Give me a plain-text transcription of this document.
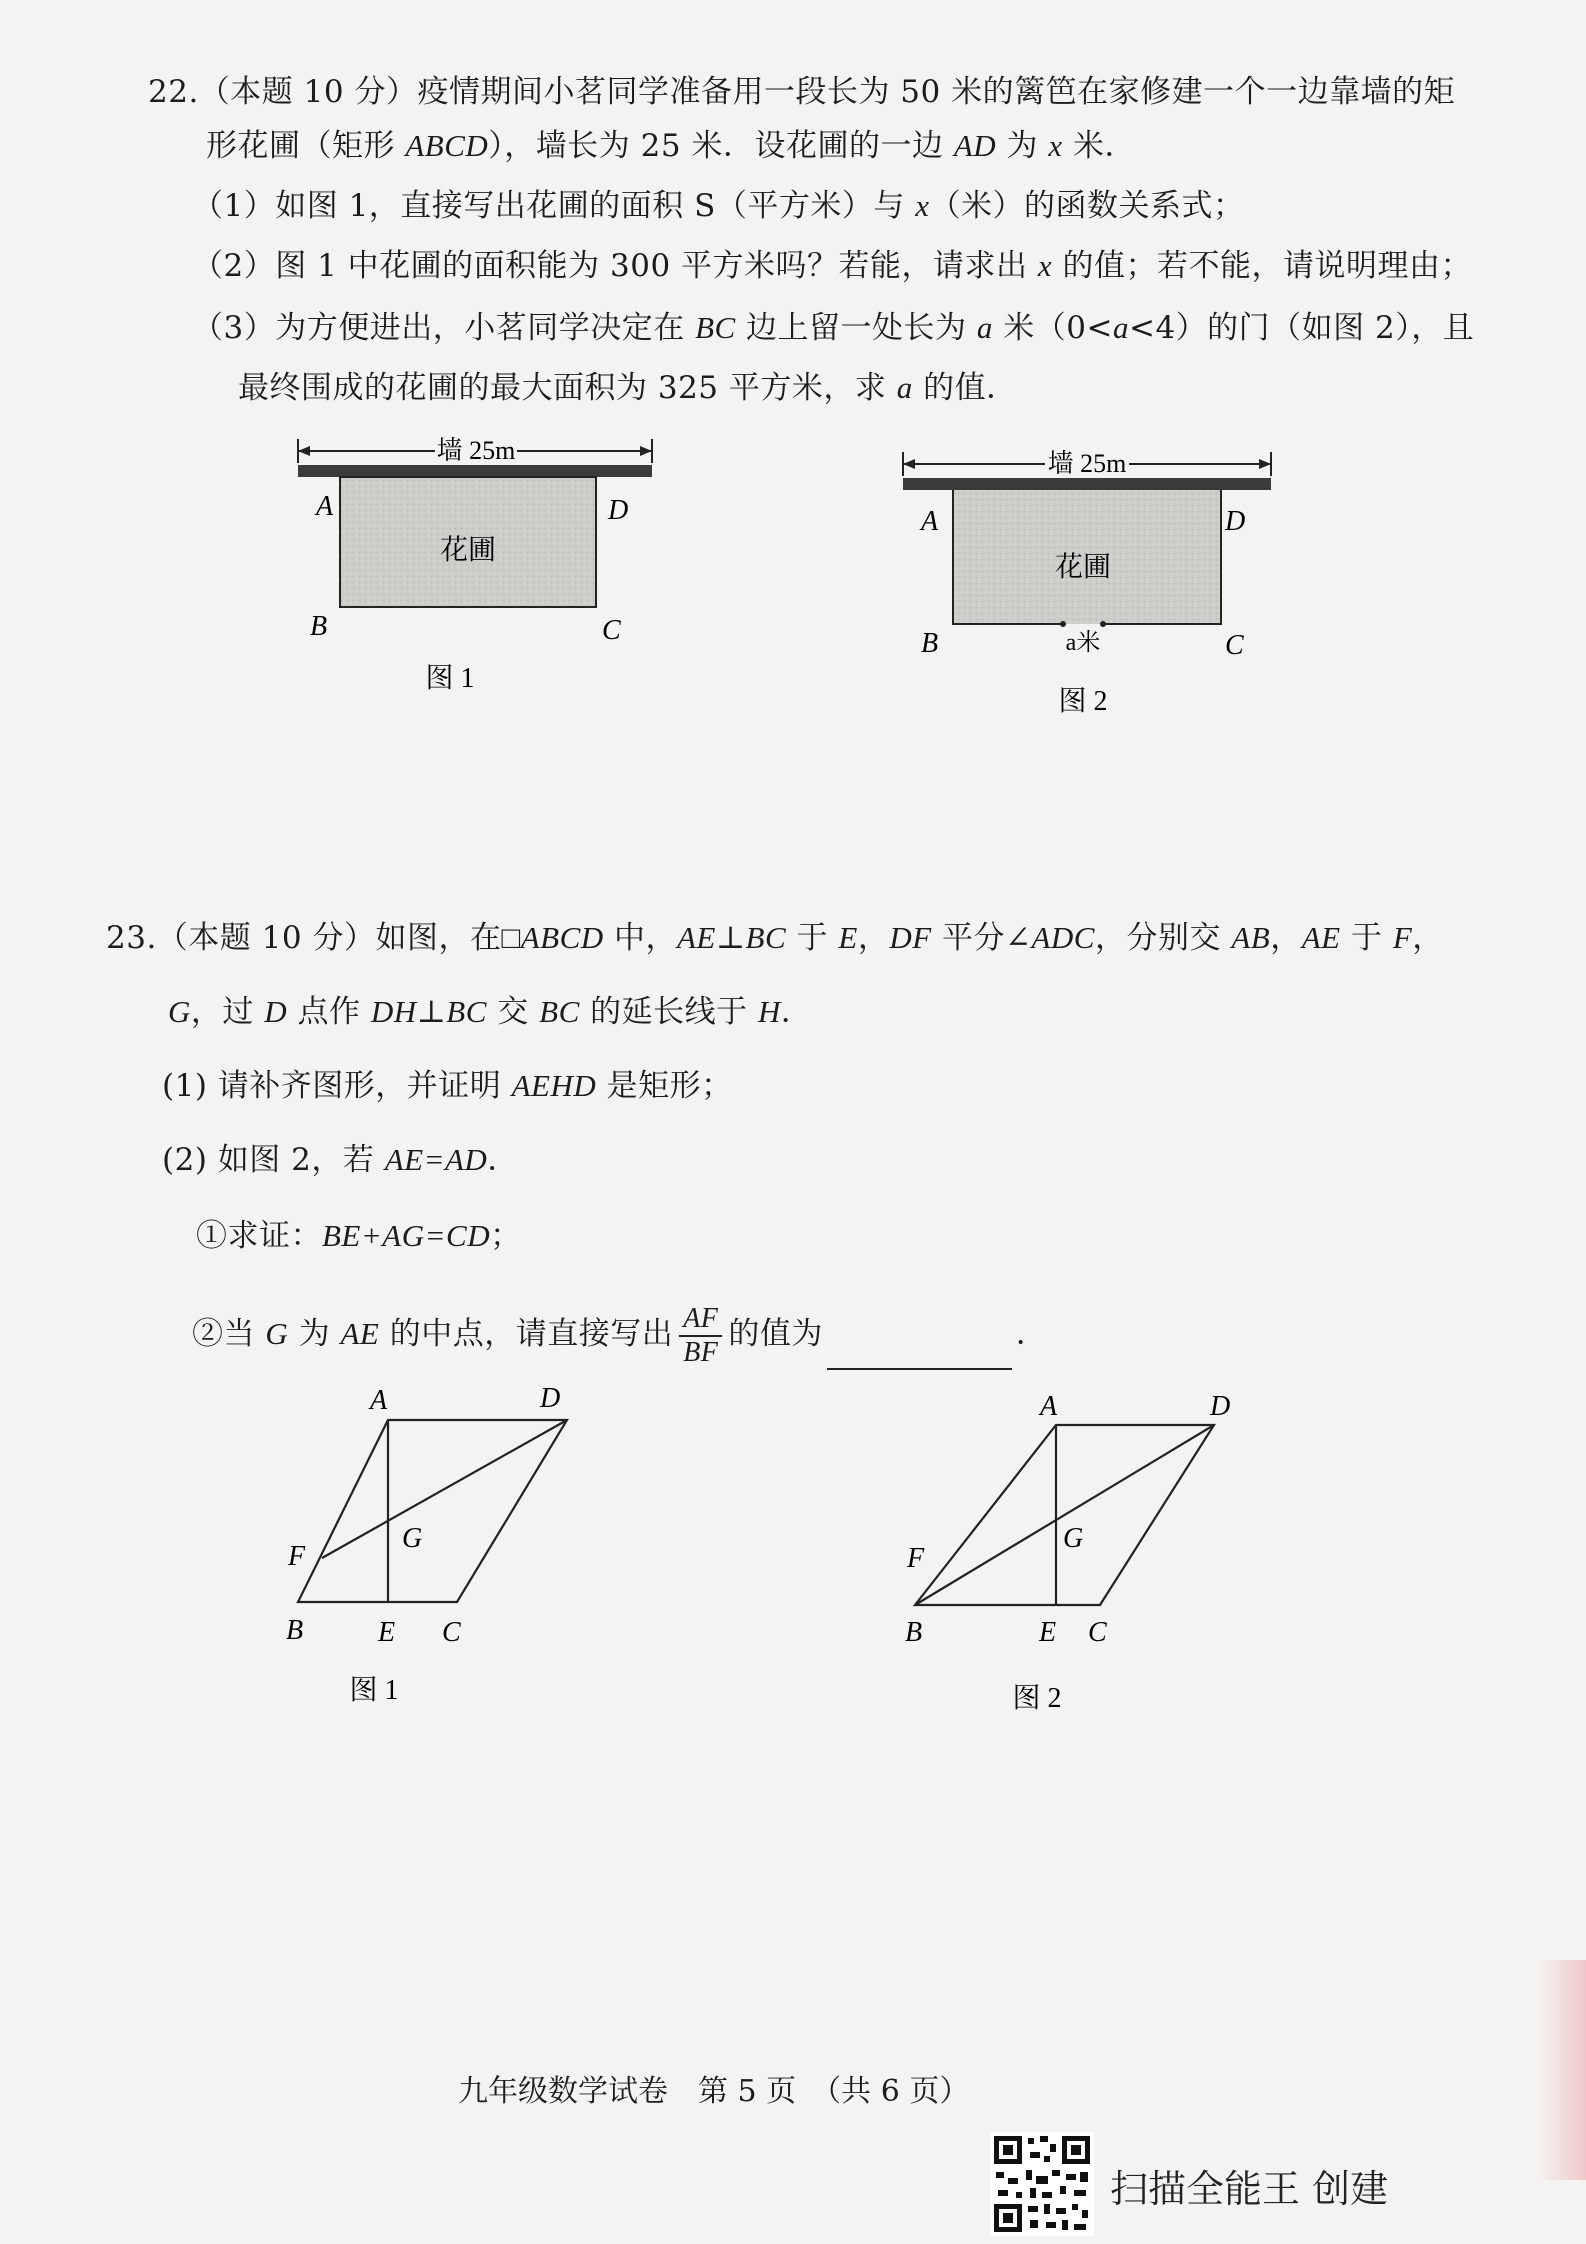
22.（本题 10 分）疫情期间小茗同学准备用一段长为 50 米的篱笆在家修建一个一边靠墙的矩
形花圃（矩形 ABCD），墙长为 25 米．设花圃的一边 AD 为 x 米．
（1）如图 1，直接写出花圃的面积 S（平方米）与 x（米）的函数关系式；
（2）图 1 中花圃的面积能为 300 平方米吗？若能，请求出 x 的值；若不能，请说明理由；
（3）为方便进出，小茗同学决定在 BC 边上留一处长为 a 米（0<a<4）的门（如图 2），且
最终围成的花圃的最大面积为 325 平方米，求 a 的值．
墙 25m
花圃
A	D
B	C
图 1
墙 25m
a米
花圃
A	D
B	C
图 2
23.（本题 10 分）如图，在□ABCD 中，AE⊥BC 于 E，DF 平分∠ADC，分别交 AB，AE 于 F，
G，过 D 点作 DH⊥BC 交 BC 的延长线于 H．
(1) 请补齐图形，并证明 AEHD 是矩形；
(2) 如图 2，若 AE=AD．
①求证：BE+AG=CD；
②当 G 为 AE 的中点，请直接写出 $\frac{AF}{BF}$ 的值为	．
A	D
F
G
B	E C
图 1
A	D
F
G
B	E C
图 2
九年级数学试卷　第 5 页　（共 6 页）
扫描全能王 创建
